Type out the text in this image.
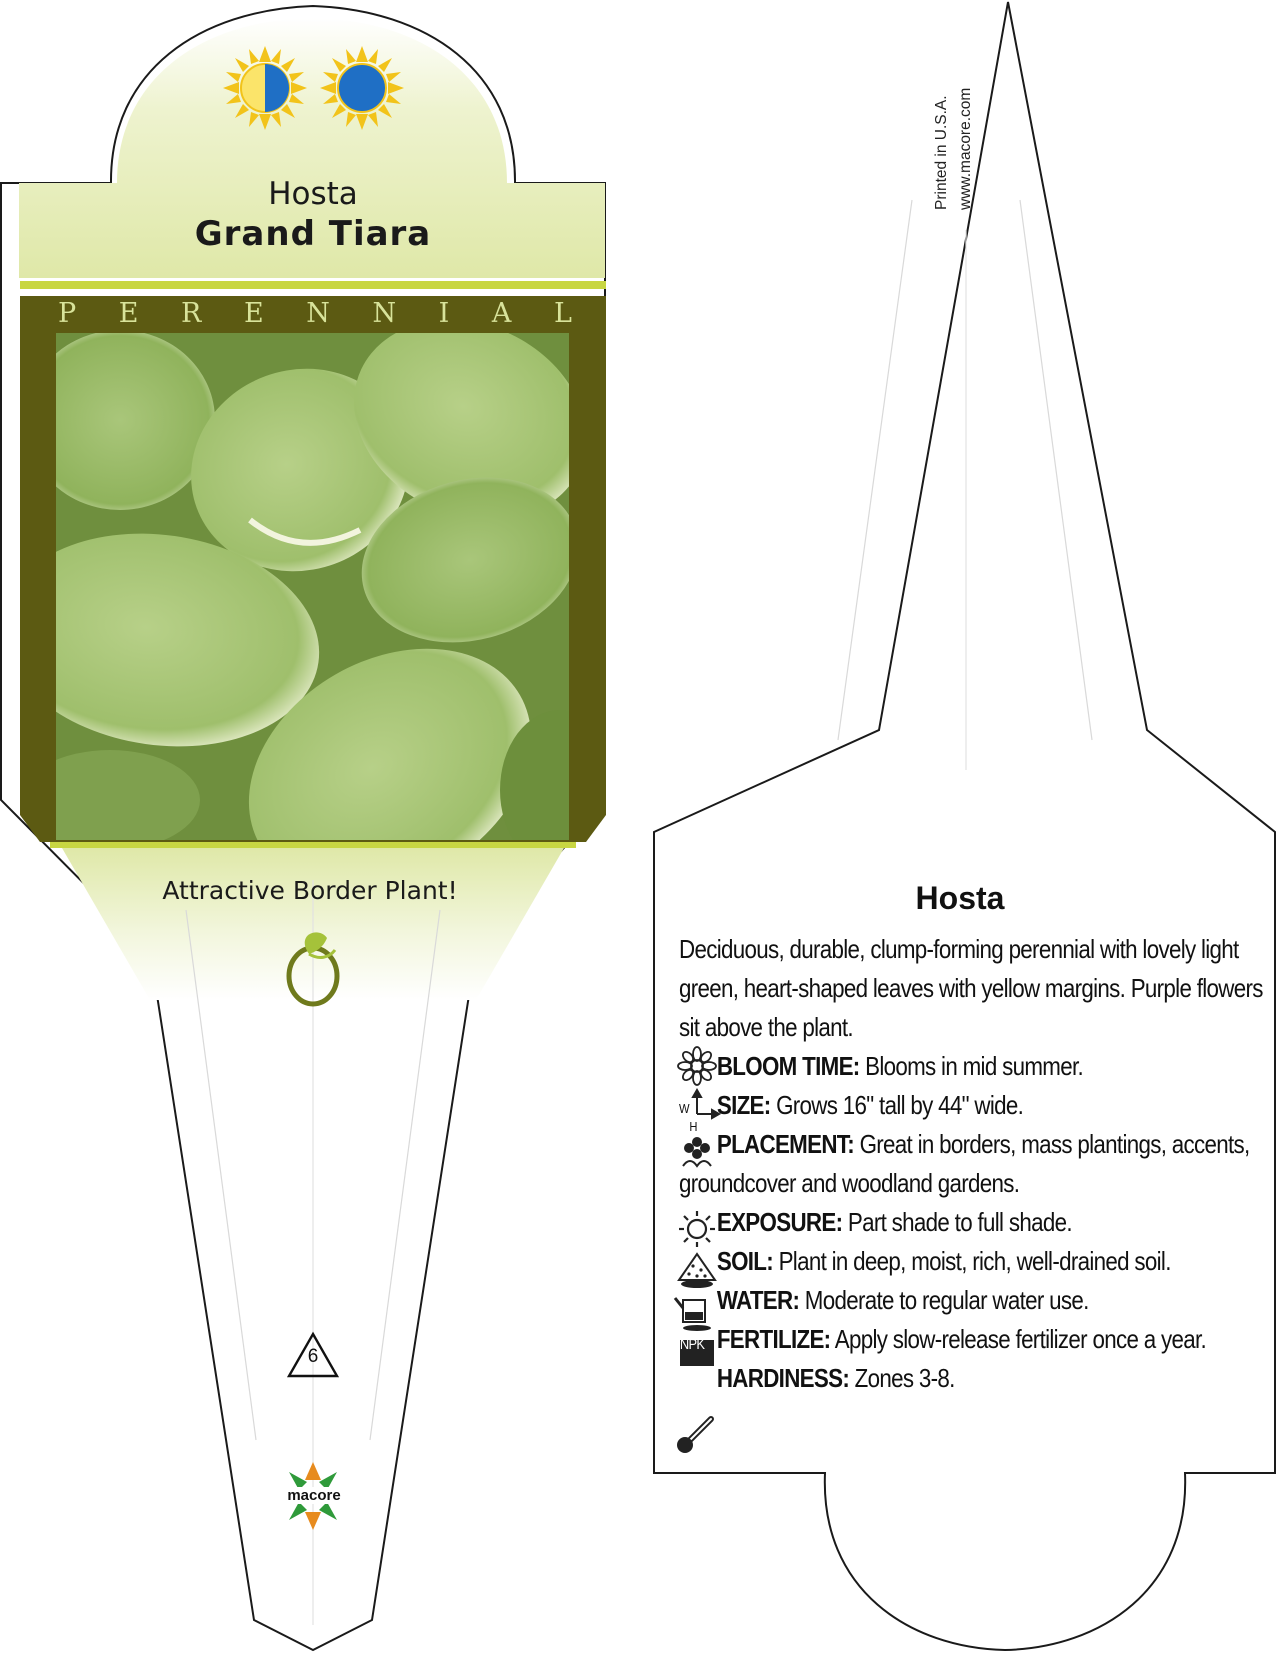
Hosta
Grand Tiara
P E R E N N I A L
Attractive Border Plant!
6
macore
Printed in U.S.A. www.macore.com
Hosta

Deciduous, durable, clump-forming perennial with lovely light green, heart-shaped leaves with yellow margins. Purple flowers sit above the plant.

BLOOM TIME: Blooms in mid summer.

W
H
SIZE: Grows 16" tall by 44" wide.

PLACEMENT: Great in borders, mass plantings, accents, groundcover and woodland gardens.

EXPOSURE: Part shade to full shade.

SOIL: Plant in deep, moist, rich, well-drained soil.

WATER: Moderate to regular water use.

NPK FERTILIZE: Apply slow-release fertilizer once a year.

HARDINESS: Zones 3-8.
